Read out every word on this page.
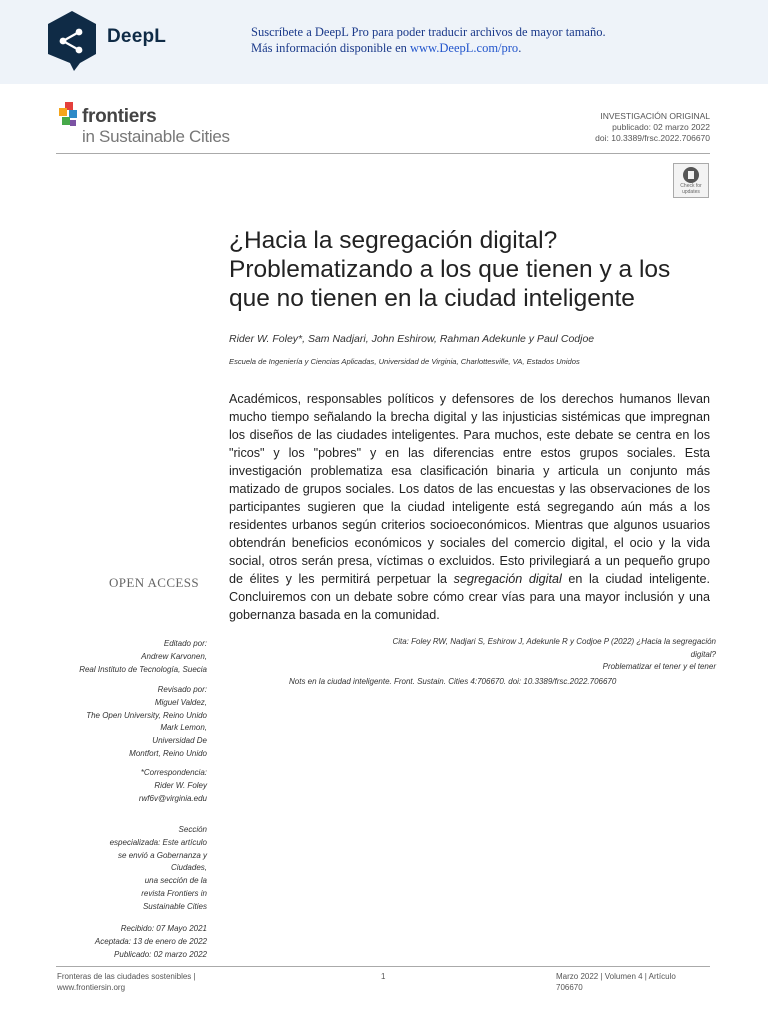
DeepL	Suscríbete a DeepL Pro para poder traducir archivos de mayor tamaño.
Más información disponible en www.DeepL.com/pro.
frontiers
in Sustainable Cities
INVESTIGACIÓN ORIGINAL
publicado: 02 marzo 2022
doi: 10.3389/frsc.2022.706670
Check for updates
¿Hacia la segregación digital?
Problematizando a los que tienen y a los
que no tienen en la ciudad inteligente
Rider W. Foley*, Sam Nadjari, John Eshirow, Rahman Adekunle y Paul Codjoe
Escuela de Ingeniería y Ciencias Aplicadas, Universidad de Virginia, Charlottesville, VA, Estados Unidos
Académicos, responsables políticos y defensores de los derechos humanos llevan mucho tiempo señalando la brecha digital y las injusticias sistémicas que impregnan los diseños de las ciudades inteligentes. Para muchos, este debate se centra en los "ricos" y los "pobres" y en las diferencias entre estos grupos sociales. Esta investigación problematiza esa clasificación binaria y articula un conjunto más matizado de grupos sociales. Los datos de las encuestas y las observaciones de los participantes sugieren que la ciudad inteligente está segregando aún más a los residentes urbanos según criterios socioeconómicos. Mientras que algunos usuarios obtendrán beneficios económicos y sociales del comercio digital, el ocio y la vida social, otros serán presa, víctimas o excluidos. Esto privilegiará a un pequeño grupo de élites y les permitirá perpetuar la segregación digital en la ciudad inteligente. Concluiremos con un debate sobre cómo crear vías para una mayor inclusión y una gobernanza basada en la comunidad.
OPEN ACCESS
Cita: Foley RW, Nadjari S, Eshirow J, Adekunle R y Codjoe P (2022) ¿Hacia la segregación
digital?
Problematizar el tener y el tener
Nots en la ciudad inteligente. Front. Sustain. Cities 4:706670. doi: 10.3389/frsc.2022.706670
Editado por:
Andrew Karvonen,
Real Instituto de Tecnología, Suecia
Revisado por:
Miguel Valdez,
The Open University, Reino Unido
Mark Lemon,
Universidad De
Montfort, Reino Unido
*Correspondencia:
Rider W. Foley
rwf6v@virginia.edu
Sección
especializada: Este artículo
se envió a Gobernanza y
Ciudades,
una sección de la
revista Frontiers in
Sustainable Cities
Recibido: 07 Mayo 2021
Aceptada: 13 de enero de 2022
Publicado: 02 marzo 2022
Fronteras de las ciudades sostenibles |
www.frontiersin.org
1	Marzo 2022 | Volumen 4 | Artículo
706670
